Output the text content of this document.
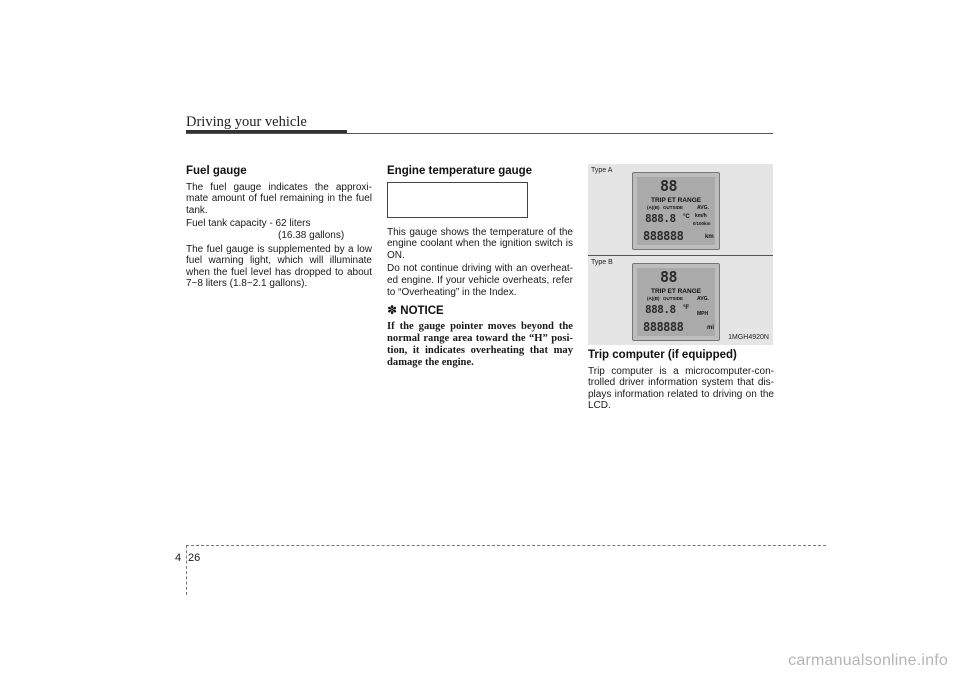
Driving your vehicle
Fuel gauge

The fuel gauge indicates the approxi-mate amount of fuel remaining in the fuel tank.

Fuel tank capacity - 62 liters

(16.38 gallons)

The fuel gauge is supplemented by a low fuel warning light, which will illuminate when the fuel level has dropped to about 7~8 liters (1.8~2.1 gallons).

Engine temperature gauge

This gauge shows the temperature of the engine coolant when the ignition switch is ON.

Do not continue driving with an overheat-ed engine. If your vehicle overheats, refer to “Overheating” in the Index.

✽ NOTICE

If the gauge pointer moves beyond the normal range area toward the “H” posi-tion, it indicates overheating that may damage the engine.

Type A
88
TRIP ET RANGE
(A)(B) OUTSIDE	AVG.
888.8 °C km/h
ℓ/100km
888888	km
Type B
88
TRIP ET RANGE
(A)(B) OUTSIDE	AVG.
888.8 °F
MPH
888888	mi
1MGH4920N
Trip computer (if equipped)

Trip computer is a microcomputer-con-trolled driver information system that dis-plays information related to driving on the LCD.

4 26
carmanualsonline.info
